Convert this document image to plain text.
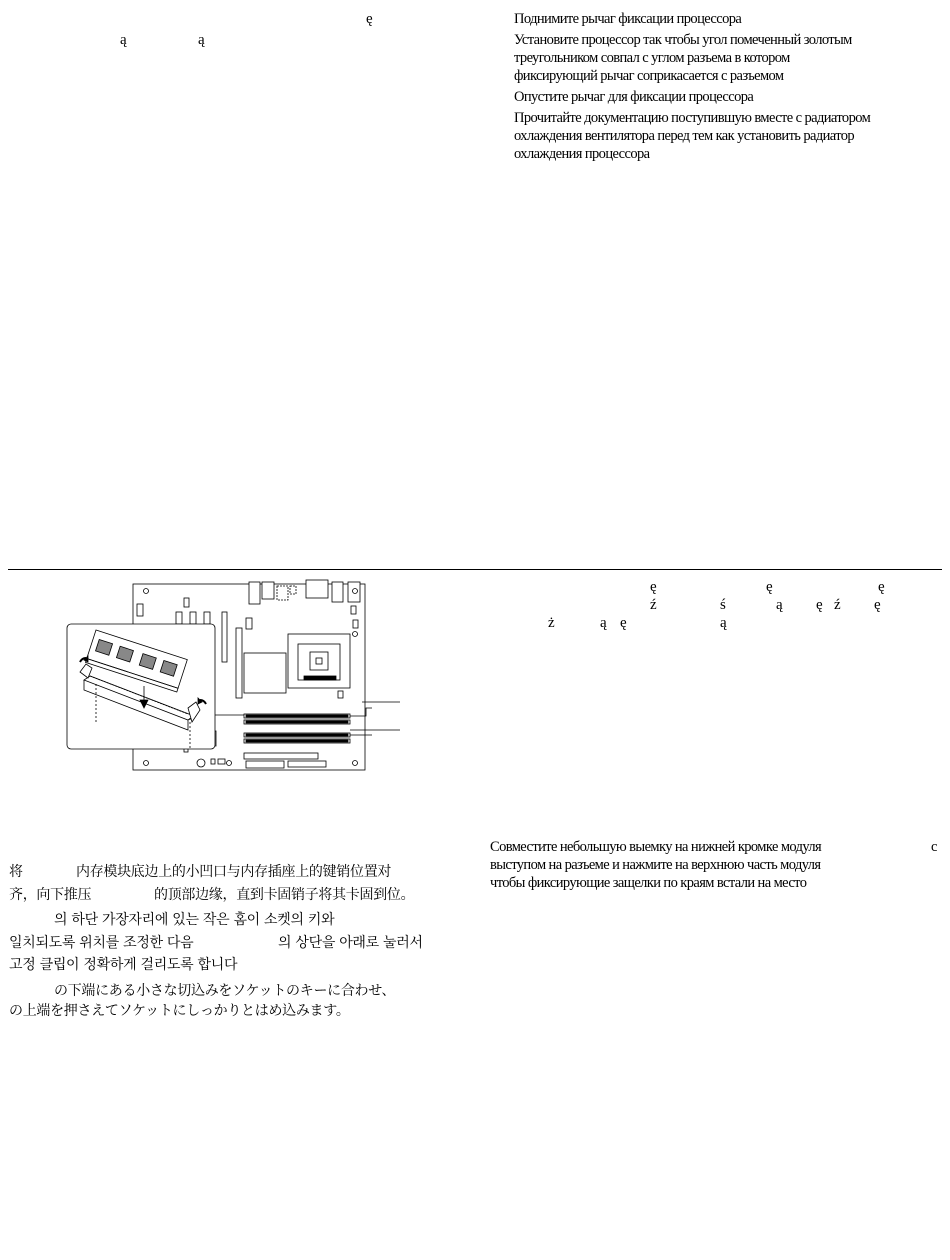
ę
ą	ą
Поднимите рычаг фиксации процессора
Установите процессор так чтобы угол помеченный золотым
треугольником совпал с углом разъема в котором
фиксирующий рычаг соприкасается с разъемом
Опустите рычаг для фиксации процессора
Прочитайте документацию поступившую вместе с радиатором
охлаждения вентилятора перед тем как установить радиатор
охлаждения процессора
ę	ę	ę
ź	ś	ą ę ź ę
ż	ą ę	ą
将	内存模块底边上的小凹口与内存插座上的键销位置对
齐，向下推压	的顶部边缘，直到卡固销子将其卡固到位。
의 하단 가장자리에 있는 작은 홈이 소켓의 키와
일치되도록 위치를 조정한 다음	의 상단을 아래로 눌러서
고정 클립이 정확하게 걸리도록 합니다
の下端にある小さな切込みをソケットのキーに合わせ、
の上端を押さえてソケットにしっかりとはめ込みます。
Совместите небольшую выемку на нижней кромке модуля	с
выступом на разъеме и нажмите на верхнюю часть модуля
чтобы фиксирующие защелки по краям встали на место
